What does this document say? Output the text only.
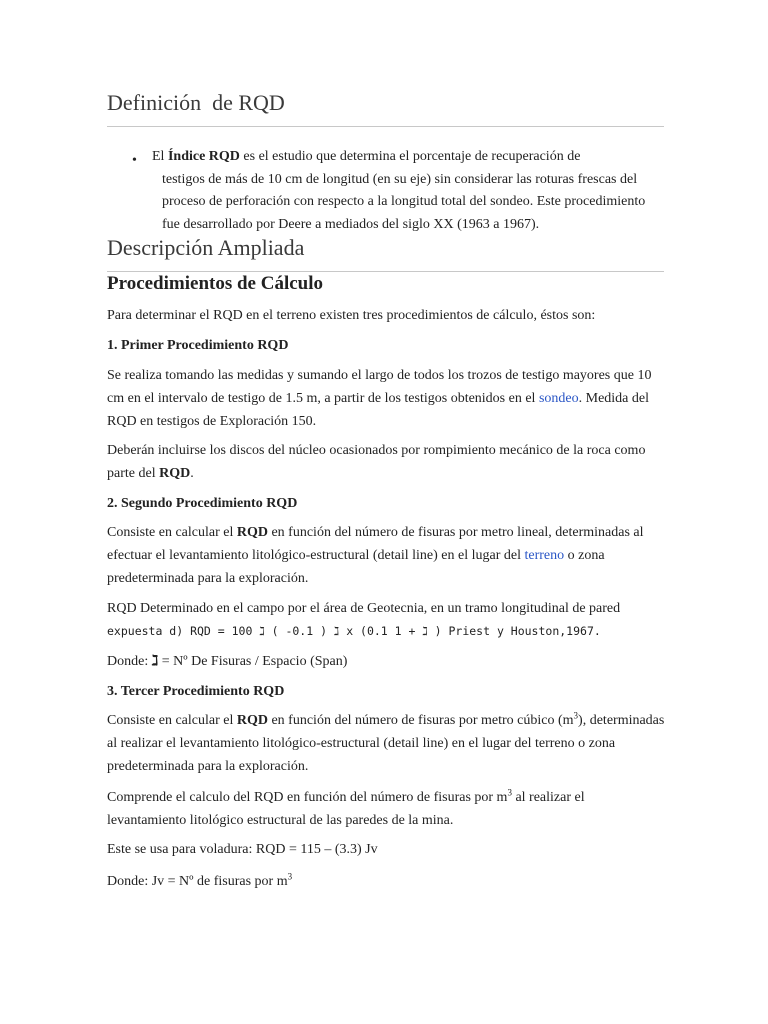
Definición  de RQD
• El Índice RQD es el estudio que determina el porcentaje de recuperación de
testigos de más de 10 cm de longitud (en su eje) sin considerar las roturas frescas del proceso de perforación con respecto a la longitud total del sondeo. Este procedimiento fue desarrollado por Deere a mediados del siglo XX (1963 a 1967).
Descripción Ampliada
Procedimientos de Cálculo
Para determinar el RQD en el terreno existen tres procedimientos de cálculo, éstos son:
1. Primer Procedimiento RQD
Se realiza tomando las medidas y sumando el largo de todos los trozos de testigo mayores que 10 cm en el intervalo de testigo de 1.5 m, a partir de los testigos obtenidos en el sondeo. Medida del RQD en testigos de Exploración 150.
Deberán incluirse los discos del núcleo ocasionados por rompimiento mecánico de la roca como parte del RQD.
2. Segundo Procedimiento RQD
Consiste en calcular el RQD en función del número de fisuras por metro lineal, determinadas al efectuar el levantamiento litológico-estructural (detail line) en el lugar del terreno o zona predeterminada para la exploración.
RQD Determinado en el campo por el área de Geotecnia, en un tramo longitudinal de pared
expuesta d) RQD = 100 ℷ ( -0.1 ) ℷ x (0.1 1 + ℷ ) Priest y Houston,1967.
Donde: ℷ = Nº De Fisuras / Espacio (Span)
3. Tercer Procedimiento RQD
Consiste en calcular el RQD en función del número de fisuras por metro cúbico $(m^3)$, determinadas al realizar el levantamiento litológico-estructural (detail line) en el lugar del terreno o zona predeterminada para la exploración.
Comprende el calculo del RQD en función del número de fisuras por $m^3$ al realizar el levantamiento litológico estructural de las paredes de la mina.
Este se usa para voladura: RQD = 115 – (3.3) Jv
Donde: Jv = Nº de fisuras por $m^3$
